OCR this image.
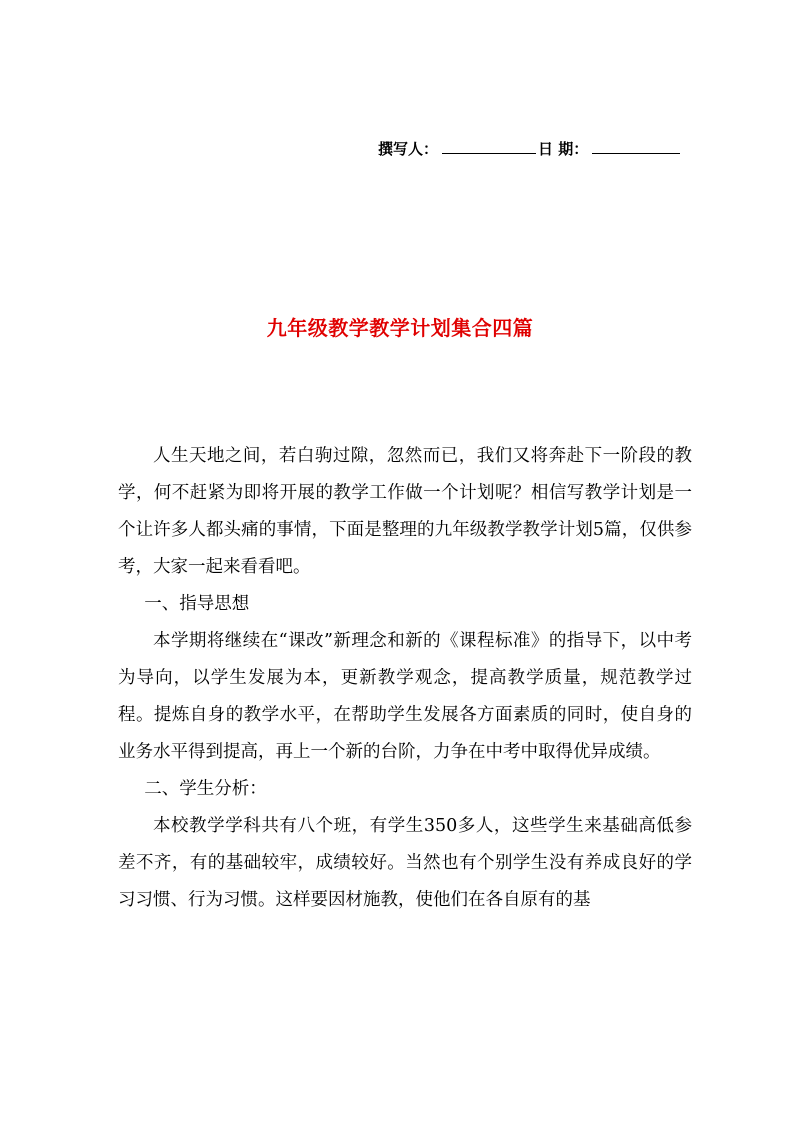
撰写人：	日 期：
九年级教学教学计划集合四篇

人生天地之间，若白驹过隙，忽然而已，我们又将奔赴下一阶段的教学，何不赶紧为即将开展的教学工作做一个计划呢？相信写教学计划是一个让许多人都头痛的事情，下面是整理的九年级教学教学计划5篇，仅供参考，大家一起来看看吧。

一、指导思想

本学期将继续在“课改”新理念和新的《课程标准》的指导下，以中考为导向，以学生发展为本，更新教学观念，提高教学质量，规范教学过程。提炼自身的教学水平，在帮助学生发展各方面素质的同时，使自身的业务水平得到提高，再上一个新的台阶，力争在中考中取得优异成绩。

二、学生分析：

本校教学学科共有八个班，有学生350多人，这些学生来基础高低参差不齐，有的基础较牢，成绩较好。当然也有个别学生没有养成良好的学习习惯、行为习惯。这样要因材施教，使他们在各自原有的基
